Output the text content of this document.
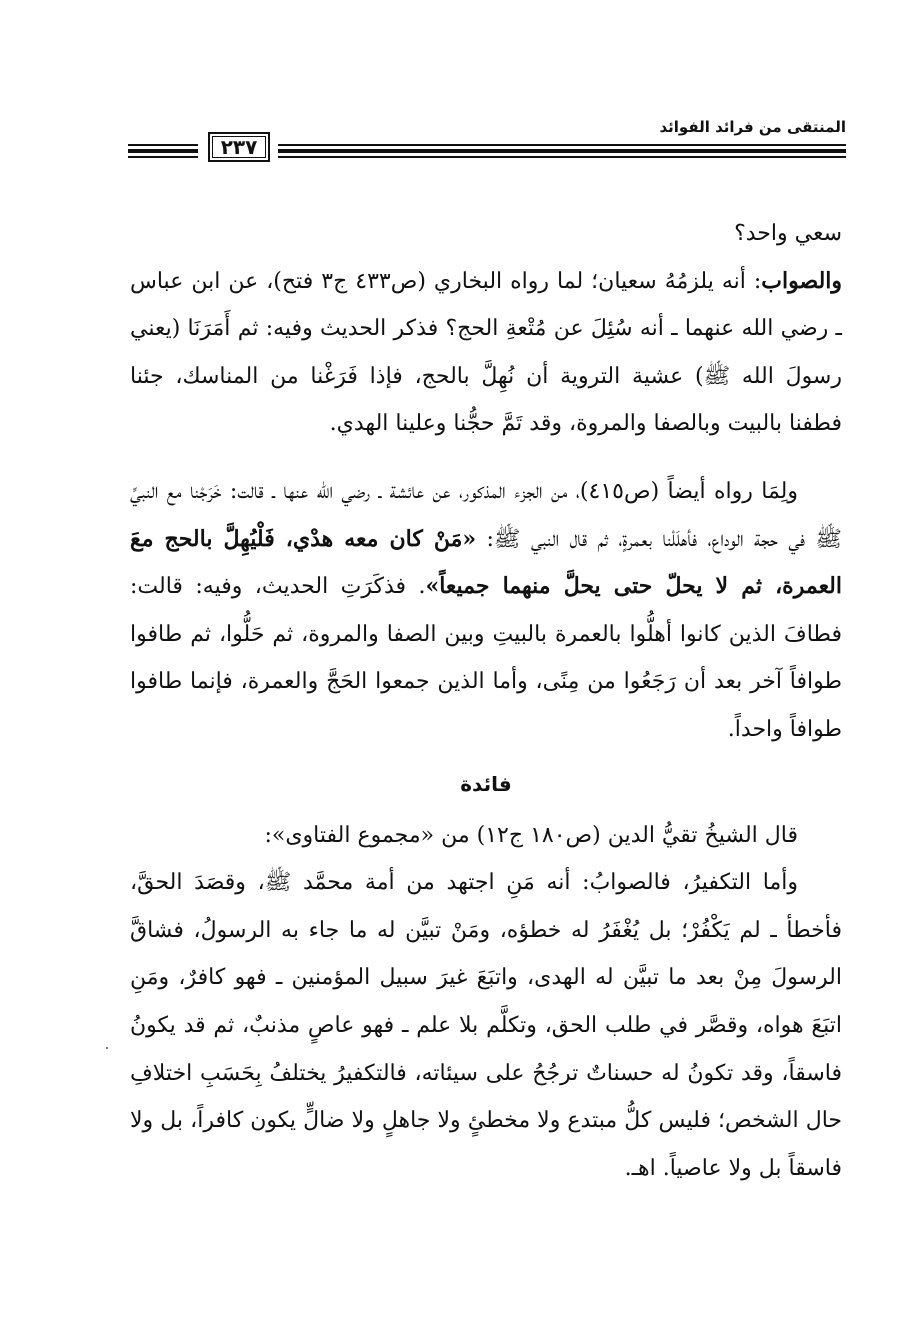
المنتقى من فرائد الفوائد
٢٣٧

سعي واحد؟

والصواب: أنه يلزمُهُ سعيان؛ لما رواه البخاري (ص٤٣٣ ج٣ فتح)، عن ابن عباس ـ رضي الله عنهما ـ أنه سُئِلَ عن مُتْعةِ الحج؟ فذكر الحديث وفيه: ثم أَمَرَنَا (يعني رسولَ الله ﷺ) عشية التروية أن نُهِلَّ بالحج، فإذا فَرَغْنا من المناسك، جئنا فطفنا بالبيت وبالصفا والمروة، وقد تَمَّ حجُّنا وعلينا الهدي.

ولِمَا رواه أيضاً (ص٤١٥)، من الجزء المذكور، عن عائشة ـ رضي الله عنها ـ قالت: خَرَجْنا مع النبيِّ ﷺ في حجة الوداع، فأهلَلْنا بعمرةٍ، ثم قال النبي ﷺ: «مَنْ كان معه هدْي، فَلْيُهِلَّ بالحج معَ العمرة، ثم لا يحلّ حتى يحلَّ منهما جميعاً». فذكَرَتِ الحديث، وفيه: قالت: فطافَ الذين كانوا أهلُّوا بالعمرة بالبيتِ وبين الصفا والمروة، ثم حَلُّوا، ثم طافوا طوافاً آخر بعد أن رَجَعُوا من مِنًى، وأما الذين جمعوا الحَجَّ والعمرة، فإنما طافوا طوافاً واحداً.

فائدة

قال الشيخُ تقيُّ الدين (ص١٨٠ ج١٢) من «مجموع الفتاوى»:

وأما التكفيرُ، فالصوابُ: أنه مَنِ اجتهد من أمة محمَّد ﷺ، وقصَدَ الحقَّ، فأخطأ ـ لم يَكْفُرْ؛ بل يُغْفَرُ له خطؤه، ومَنْ تبيَّن له ما جاء به الرسولُ، فشاقَّ الرسولَ مِنْ بعد ما تبيَّن له الهدى، واتبَعَ غيرَ سبيل المؤمنين ـ فهو كافرٌ، ومَنِ اتبَعَ هواه، وقصَّر في طلب الحق، وتكلَّم بلا علم ـ فهو عاصٍ مذنبٌ، ثم قد يكونُ فاسقاً، وقد تكونُ له حسناتٌ ترجُحُ على سيئاته، فالتكفيرُ يختلفُ بِحَسَبِ اختلافِ حال الشخص؛ فليس كلُّ مبتدع ولا مخطئٍ ولا جاهلٍ ولا ضالٍّ يكون كافراً، بل ولا فاسقاً بل ولا عاصياً. اهـ.
